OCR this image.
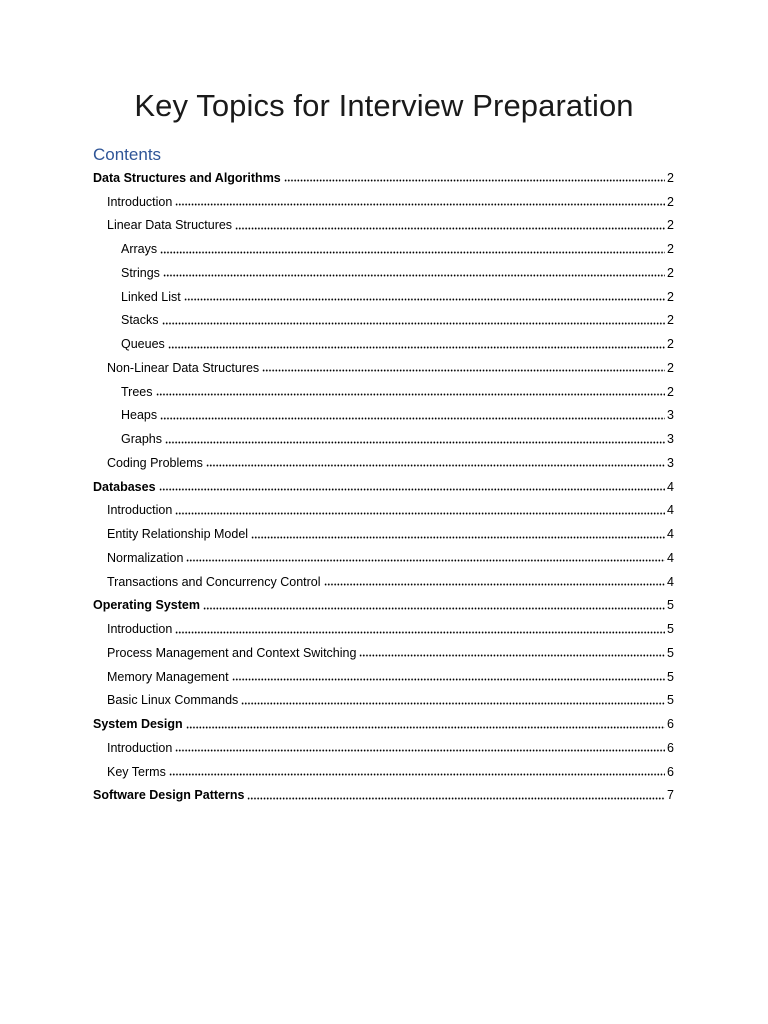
Key Topics for Interview Preparation
Contents
Data Structures and Algorithms	2
Introduction	2
Linear Data Structures	2
Arrays	2
Strings	2
Linked List	2
Stacks	2
Queues	2
Non-Linear Data Structures	2
Trees	2
Heaps	3
Graphs	3
Coding Problems	3
Databases	4
Introduction	4
Entity Relationship Model	4
Normalization	4
Transactions and Concurrency Control	4
Operating System	5
Introduction	5
Process Management and Context Switching	5
Memory Management	5
Basic Linux Commands	5
System Design	6
Introduction	6
Key Terms	6
Software Design Patterns	7
